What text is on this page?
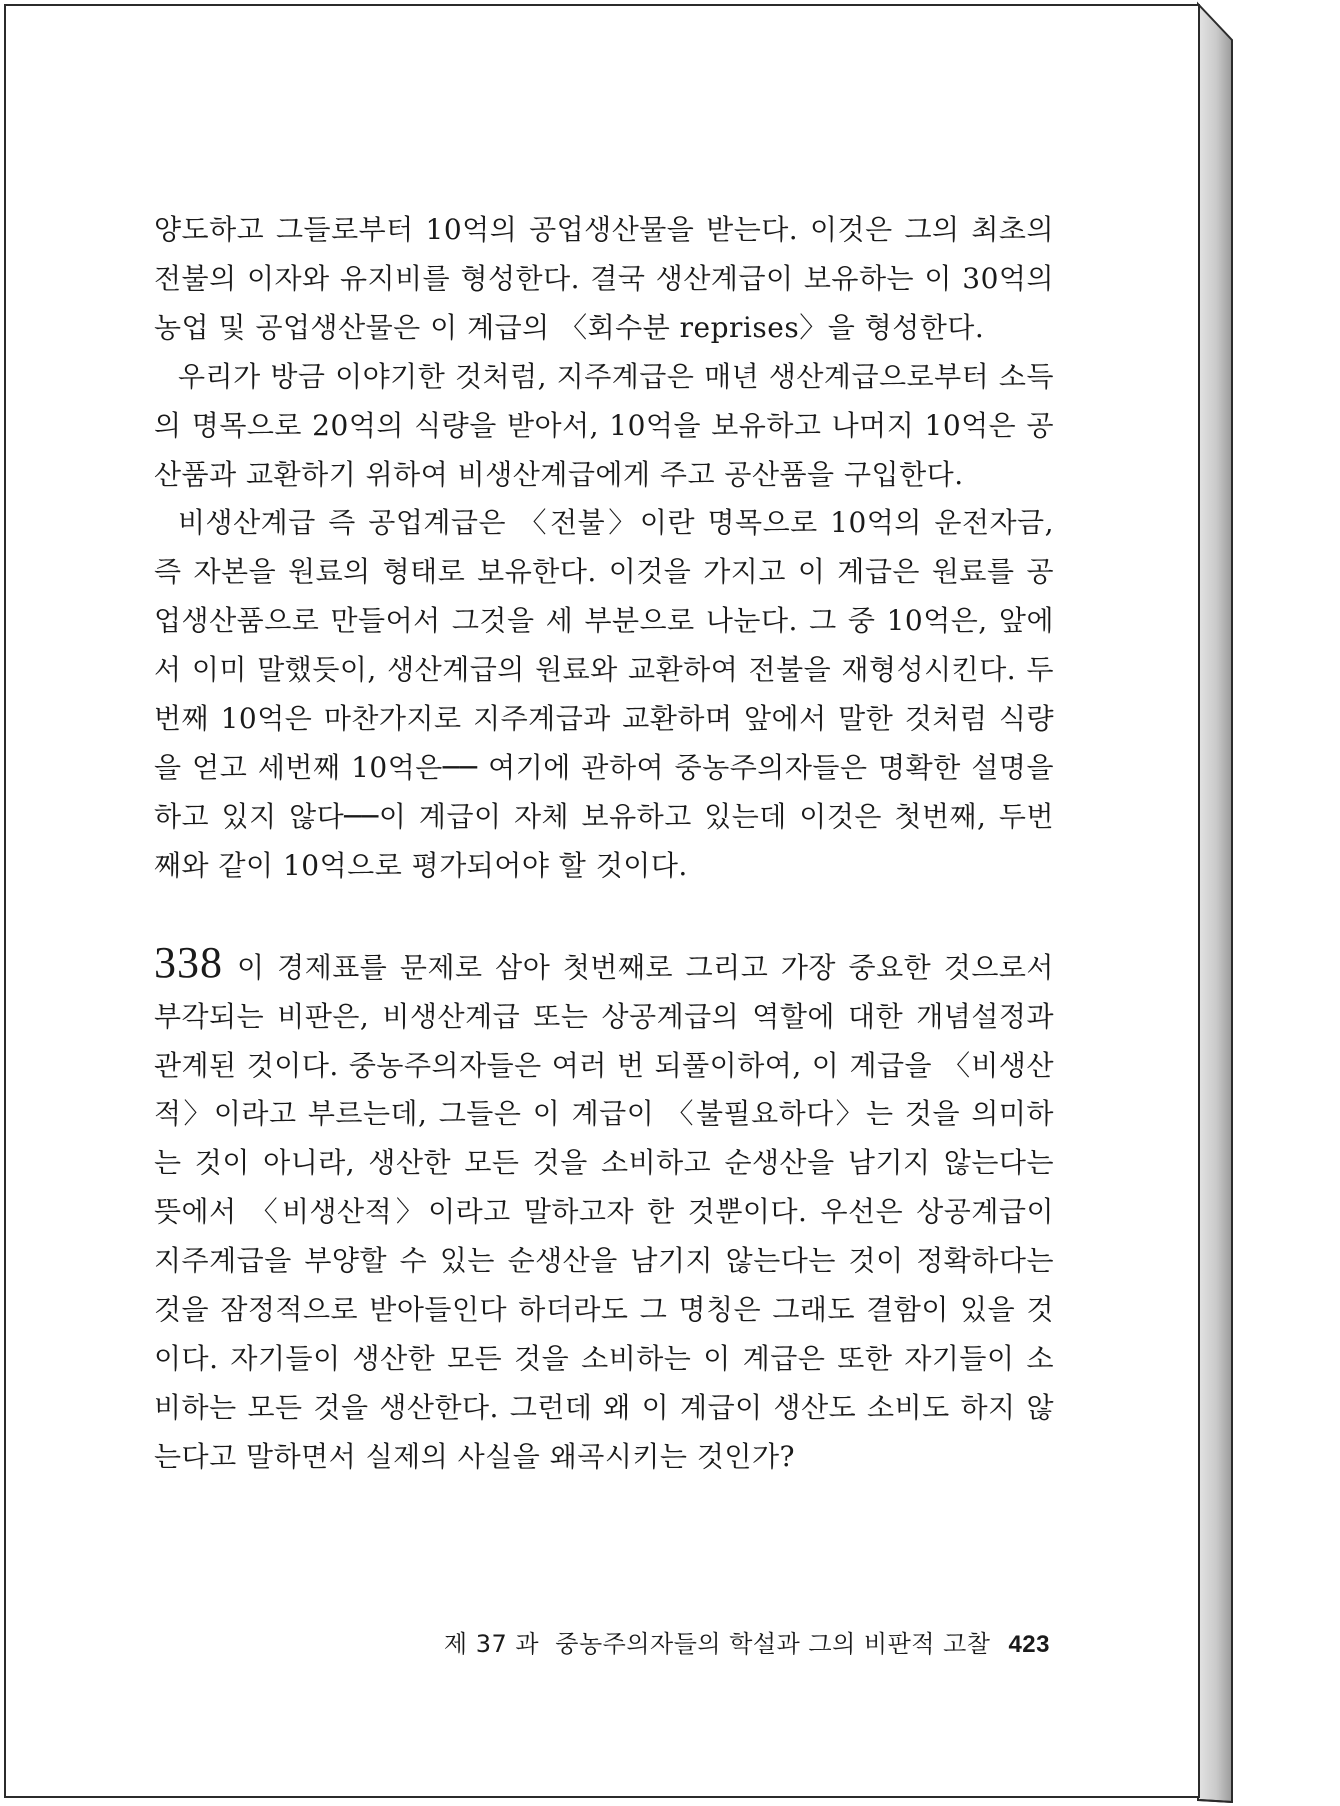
양도하고 그들로부터 10억의 공업생산물을 받는다. 이것은 그의 최초의 전불의 이자와 유지비를 형성한다. 결국 생산계급이 보유하는 이 30억의 농업 및 공업생산물은 이 계급의 〈회수분 reprises〉을 형성한다.

우리가 방금 이야기한 것처럼, 지주계급은 매년 생산계급으로부터 소득의 명목으로 20억의 식량을 받아서, 10억을 보유하고 나머지 10억은 공산품과 교환하기 위하여 비생산계급에게 주고 공산품을 구입한다.

비생산계급 즉 공업계급은 〈전불〉이란 명목으로 10억의 운전자금, 즉 자본을 원료의 형태로 보유한다. 이것을 가지고 이 계급은 원료를 공업생산품으로 만들어서 그것을 세 부분으로 나눈다. 그 중 10억은, 앞에서 이미 말했듯이, 생산계급의 원료와 교환하여 전불을 재형성시킨다. 두번째 10억은 마찬가지로 지주계급과 교환하며 앞에서 말한 것처럼 식량을 얻고 세번째 10억은── 여기에 관하여 중농주의자들은 명확한 설명을 하고 있지 않다──이 계급이 자체 보유하고 있는데 이것은 첫번째, 두번째와 같이 10억으로 평가되어야 할 것이다.

338 이 경제표를 문제로 삼아 첫번째로 그리고 가장 중요한 것으로서 부각되는 비판은, 비생산계급 또는 상공계급의 역할에 대한 개념설정과 관계된 것이다. 중농주의자들은 여러 번 되풀이하여, 이 계급을 〈비생산적〉이라고 부르는데, 그들은 이 계급이 〈불필요하다〉는 것을 의미하는 것이 아니라, 생산한 모든 것을 소비하고 순생산을 남기지 않는다는 뜻에서 〈비생산적〉이라고 말하고자 한 것뿐이다. 우선은 상공계급이 지주계급을 부양할 수 있는 순생산을 남기지 않는다는 것이 정확하다는 것을 잠정적으로 받아들인다 하더라도 그 명칭은 그래도 결함이 있을 것이다. 자기들이 생산한 모든 것을 소비하는 이 계급은 또한 자기들이 소비하는 모든 것을 생산한다. 그런데 왜 이 계급이 생산도 소비도 하지 않는다고 말하면서 실제의 사실을 왜곡시키는 것인가?

제 37 과  중농주의자들의 학설과 그의 비판적 고찰 423
